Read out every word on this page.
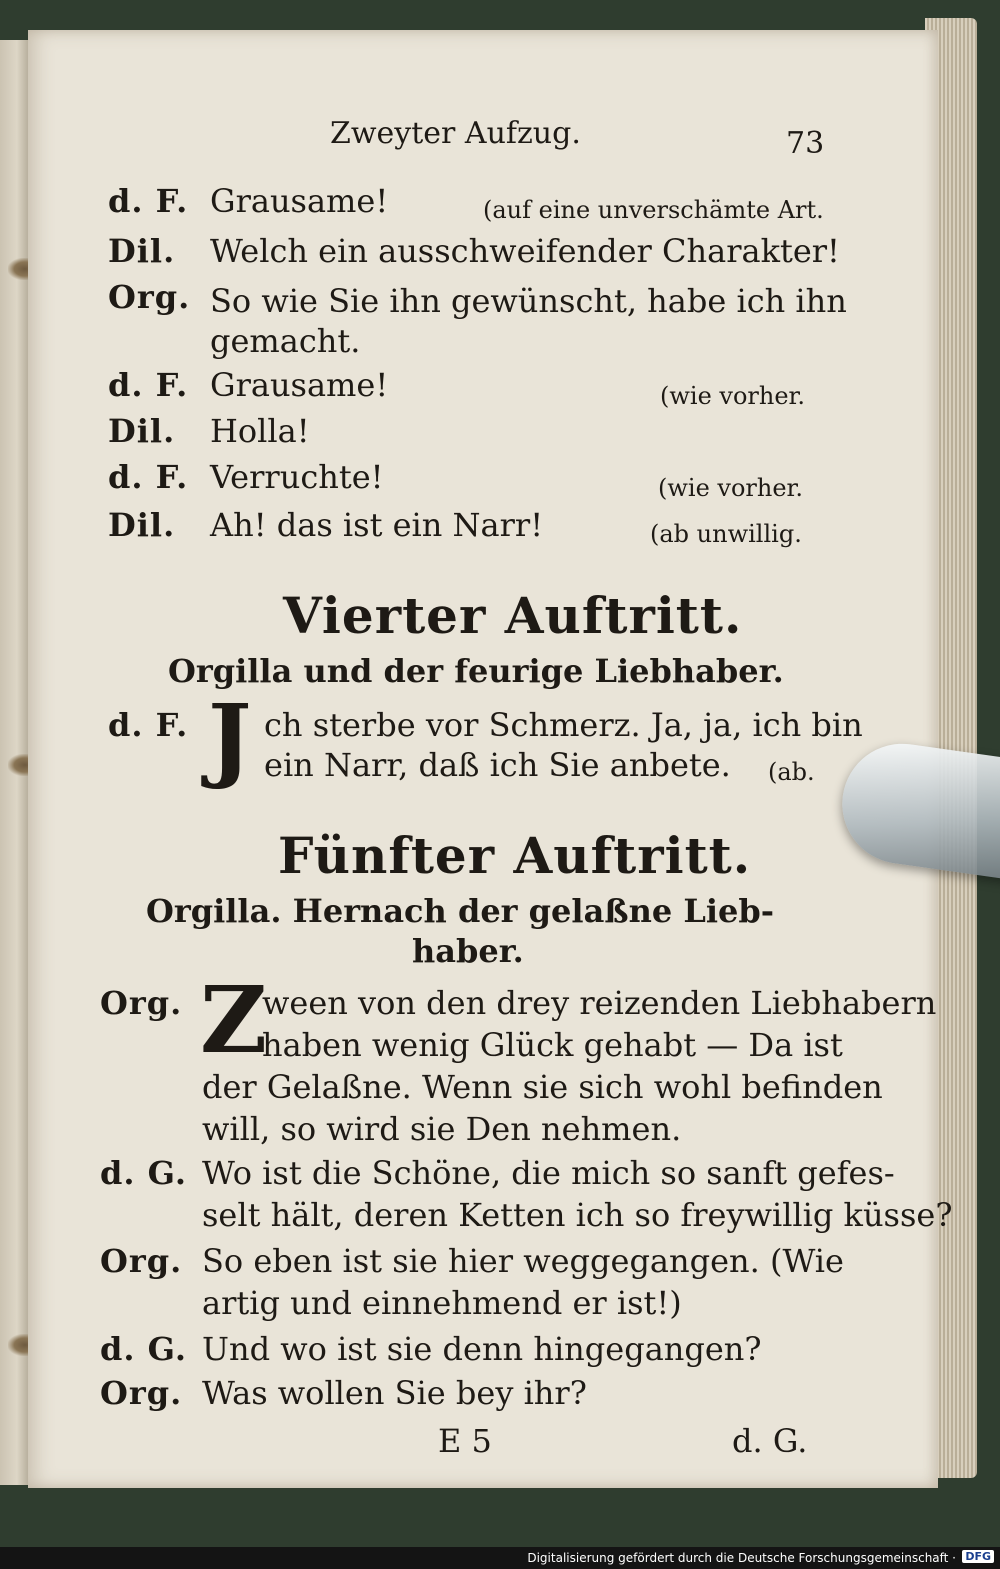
Zweyter Aufzug.	73
d. F. Grausame!	(auf eine unverschämte Art.
Dil. Welch ein ausschweifender Charakter!
Org. So wie Sie ihn gewünscht, habe ich ihn
gemacht.
d. F. Grausame!	(wie vorher.
Dil. Holla!
d. F. Verruchte!	(wie vorher.
Dil. Ah! das ist ein Narr!	(ab unwillig.
Vierter Auftritt.
Orgilla und der feurige Liebhaber.
d. F. J ch sterbe vor Schmerz. Ja, ja, ich bin
ein Narr, daß ich Sie anbete. (ab.
Fünfter Auftritt.
Orgilla. Hernach der gelaßne Lieb-
haber.
Org. Z
ween von den drey reizenden Liebhabern
haben wenig Glück gehabt — Da ist
der Gelaßne. Wenn sie sich wohl befinden
will, so wird sie Den nehmen.
d. G. Wo ist die Schöne, die mich so sanft gefes-
selt hält, deren Ketten ich so freywillig küsse?
Org. So eben ist sie hier weggegangen. (Wie
artig und einnehmend er ist!)
d. G. Und wo ist sie denn hingegangen?
Org. Was wollen Sie bey ihr?
E 5	d. G.
Digitalisierung gefördert durch die Deutsche Forschungsgemeinschaft · DFG
